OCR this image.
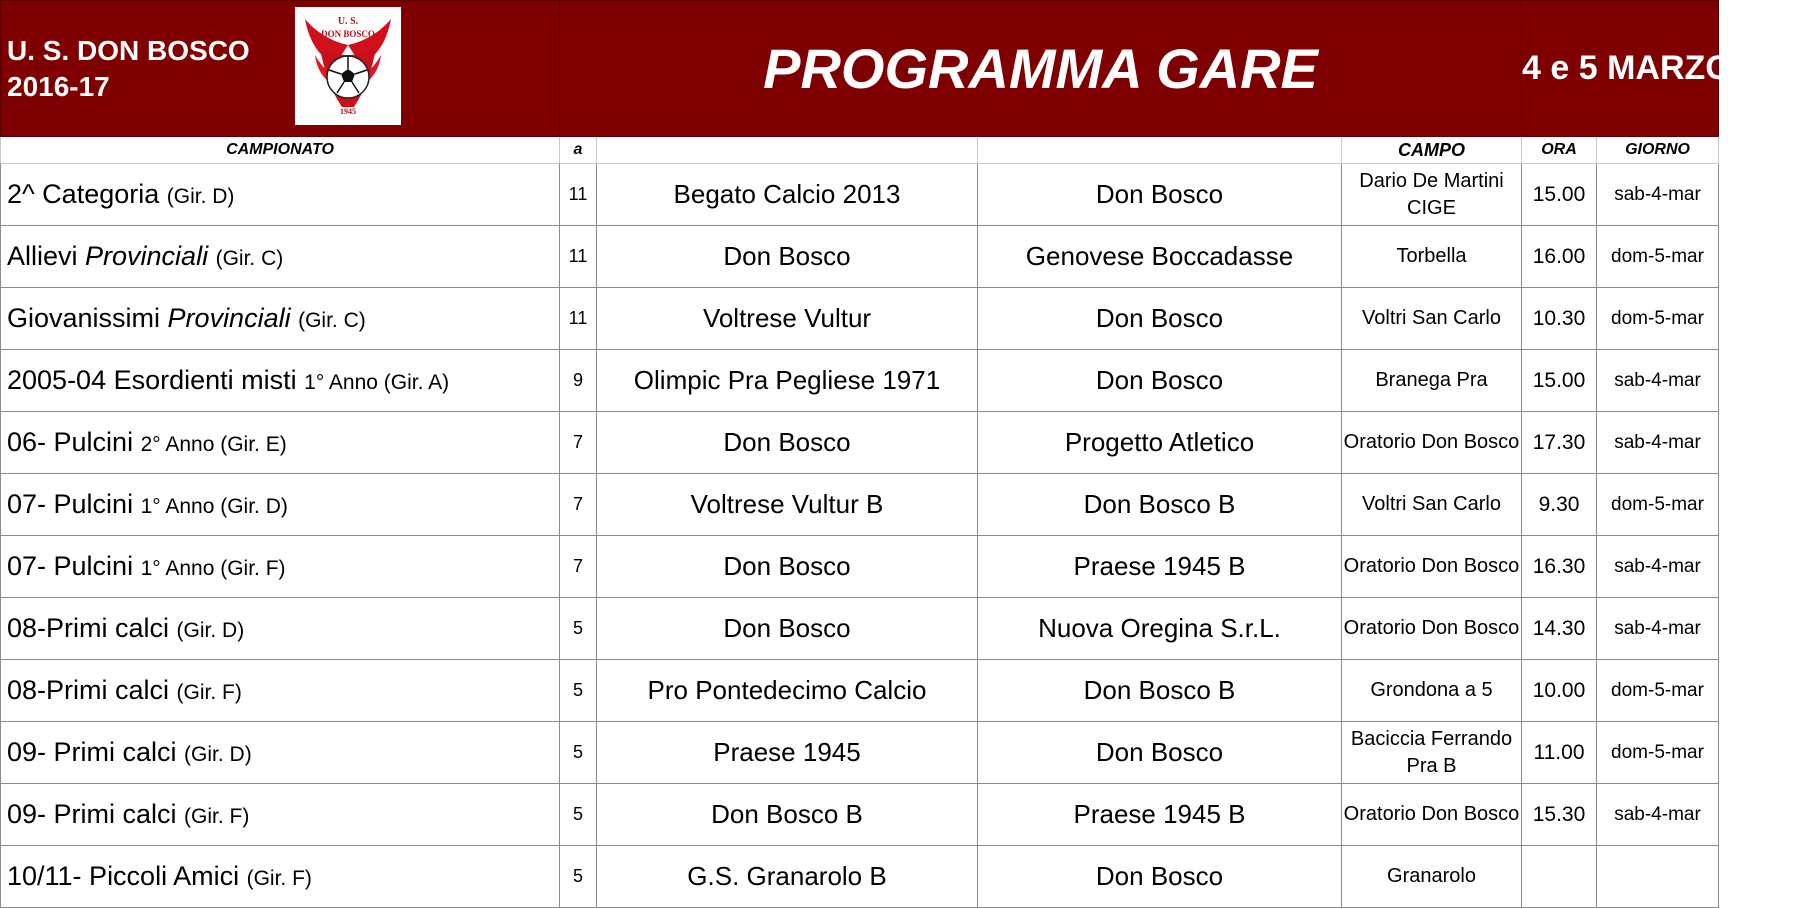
U. S. DON BOSCO
2016-17
U. S.
DON BOSCO
1945	PROGRAMMA GARE				4 e 5 MARZO 2017	
CAMPIONATO	a			CAMPO	ORA	GIORNO
2^ Categoria (Gir. D)	11	Begato Calcio 2013	Don Bosco	Dario De Martini CIGE	15.00	sab-4-mar
Allievi Provinciali (Gir. C)	11	Don Bosco	Genovese Boccadasse	Torbella	16.00	dom-5-mar
Giovanissimi Provinciali (Gir. C)	11	Voltrese Vultur	Don Bosco	Voltri San Carlo	10.30	dom-5-mar
2005-04 Esordienti misti 1° Anno (Gir. A)	9	Olimpic Pra Pegliese 1971	Don Bosco	Branega Pra	15.00	sab-4-mar
06- Pulcini 2° Anno (Gir. E)	7	Don Bosco	Progetto Atletico	Oratorio Don Bosco	17.30	sab-4-mar
07- Pulcini 1° Anno (Gir. D)	7	Voltrese Vultur B	Don Bosco B	Voltri San Carlo	9.30	dom-5-mar
07- Pulcini 1° Anno (Gir. F)	7	Don Bosco	Praese 1945 B	Oratorio Don Bosco	16.30	sab-4-mar
08-Primi calci (Gir. D)	5	Don Bosco	Nuova Oregina S.r.L.	Oratorio Don Bosco	14.30	sab-4-mar
08-Primi calci (Gir. F)	5	Pro Pontedecimo Calcio	Don Bosco B	Grondona a 5	10.00	dom-5-mar
09- Primi calci (Gir. D)	5	Praese 1945	Don Bosco	Baciccia Ferrando Pra B	11.00	dom-5-mar
09- Primi calci (Gir. F)	5	Don Bosco B	Praese 1945 B	Oratorio Don Bosco	15.30	sab-4-mar
10/11- Piccoli Amici (Gir. F)	5	G.S. Granarolo B	Don Bosco	Granarolo		
